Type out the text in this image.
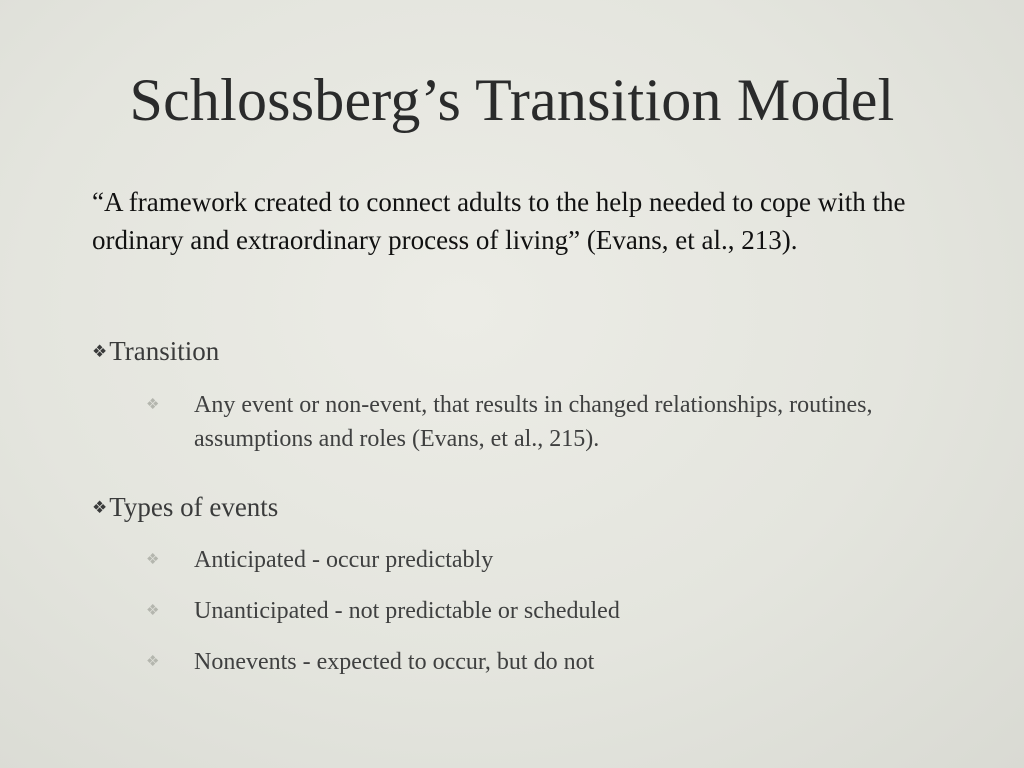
Schlossberg’s Transition Model
“A framework created to connect adults to the help needed to cope with the ordinary and extraordinary process of living” (Evans, et al., 213).
❖Transition
❖ Any event or non-event, that results in changed relationships, routines, assumptions and roles (Evans, et al., 215).
❖Types of events
❖ Anticipated - occur predictably
❖ Unanticipated - not predictable or scheduled
❖ Nonevents - expected to occur, but do not
